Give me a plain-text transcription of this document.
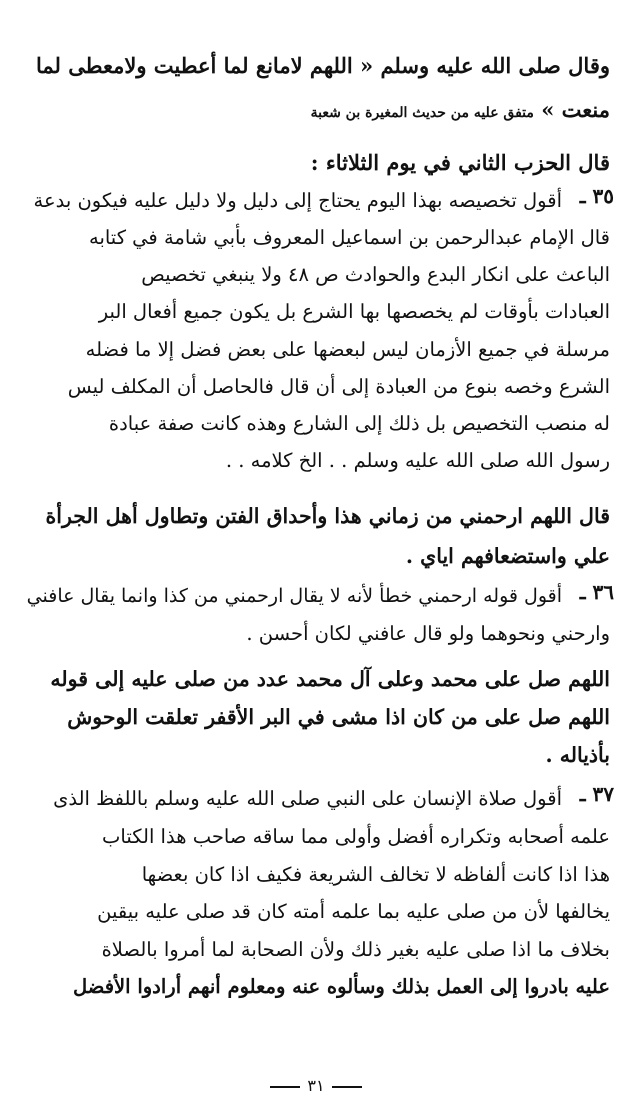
وقال صلى الله عليه وسلم « اللهم لامانع لما أعطيت ولامعطى لما
منعت » متفق عليه من حديث المغيرة بن شعبة
قال الحزب الثاني في يوم الثلاثاء :
٣٥ ـ
أقول تخصيصه بهذا اليوم يحتاج إلى دليل ولا دليل عليه فيكون بدعة
قال الإمام عبدالرحمن بن اسماعيل المعروف بأبي شامة في كتابه
الباعث على انكار البدع والحوادث ص ٤٨ ولا ينبغي تخصيص
العبادات بأوقات لم يخصصها بها الشرع بل يكون جميع أفعال البر
مرسلة في جميع الأزمان ليس لبعضها على بعض فضل إلا ما فضله
الشرع وخصه بنوع من العبادة إلى أن قال فالحاصل أن المكلف ليس
له منصب التخصيص بل ذلك إلى الشارع وهذه كانت صفة عبادة
رسول الله صلى الله عليه وسلم . . الخ كلامه . .
قال اللهم ارحمني من زماني هذا وأحداق الفتن وتطاول أهل الجرأة
علي واستضعافهم اياي .
٣٦ ـ
أقول قوله ارحمني خطأ لأنه لا يقال ارحمني من كذا وانما يقال عافني
وارحني ونحوهما ولو قال عافني لكان أحسن .
اللهم صل على محمد وعلى آل محمد عدد من صلى عليه إلى قوله
اللهم صل على من كان اذا مشى في البر الأقفر تعلقت الوحوش
بأذياله .
٣٧ ـ
أقول صلاة الإنسان على النبي صلى الله عليه وسلم باللفظ الذى
علمه أصحابه وتكراره أفضل وأولى مما ساقه صاحب هذا الكتاب
هذا اذا كانت ألفاظه لا تخالف الشريعة فكيف اذا كان بعضها
يخالفها لأن من صلى عليه بما علمه أمته كان قد صلى عليه بيقين
بخلاف ما اذا صلى عليه بغير ذلك ولأن الصحابة لما أمروا بالصلاة
عليه بادروا إلى العمل بذلك وسألوه عنه ومعلوم أنهم أرادوا الأفضل
٣١
